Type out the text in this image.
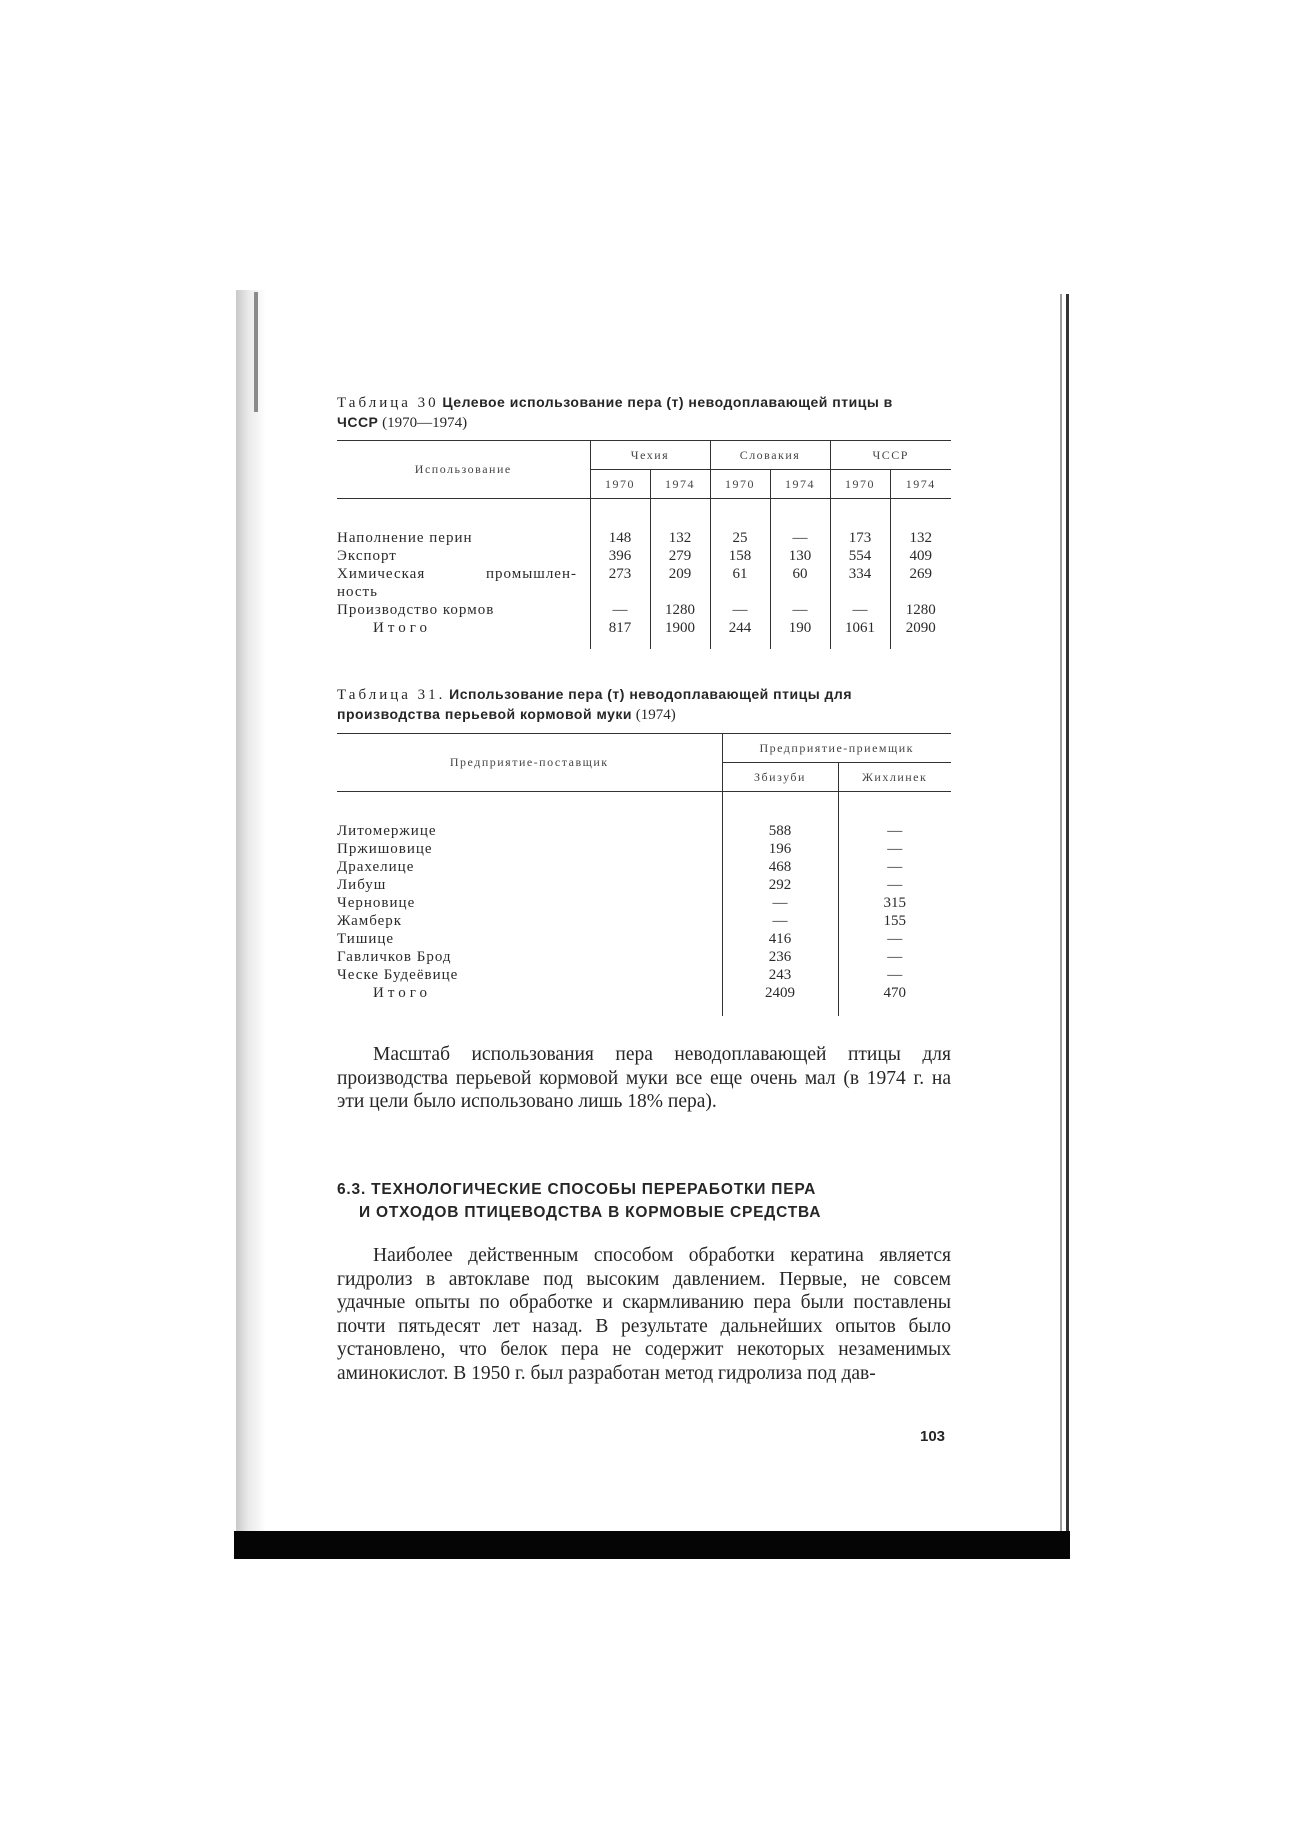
Таблица 30 Целевое использование пера (т) неводоплавающей птицы в ЧССР (1970—1974)
Использование	Чехия		Словакия		ЧССР	
	1970	1974	1970	1974	1970	1974

Наполнение перин	148	132	25	—	173	132
Экспорт	396	279	158	130	554	409

Химическая промышлен-
ность	273	209	61	60	334	269
Производство кормов	—	1280	—	—	—	1280
Итого	817	1900	244	190	1061	2090

Таблица 31. Использование пера (т) неводоплавающей птицы для производства перьевой кормовой муки (1974)
Предприятие-поставщик	Предприятие-приемщик	
	Збизуби	Жихлинек

Литомержице	588	—
Пржишовице	196	—
Драхелице	468	—
Либуш	292	—
Черновице	—	315
Жамберк	—	155
Тишице	416	—
Гавличков Брод	236	—
Ческе Будеёвице	243	—
Итого	2409	470

Масштаб использования пера неводоплавающей птицы для производства перьевой кормовой муки все еще очень мал (в 1974 г. на эти цели было использовано лишь 18% пера).
6.3. ТЕХНОЛОГИЧЕСКИЕ СПОСОБЫ ПЕРЕРАБОТКИ ПЕРА
И ОТХОДОВ ПТИЦЕВОДСТВА В КОРМОВЫЕ СРЕДСТВА
Наиболее действенным способом обработки кератина является гидролиз в автоклаве под высоким давлением. Первые, не совсем удачные опыты по обработке и скармливанию пера были поставлены почти пятьдесят лет назад. В результате дальнейших опытов было установлено, что белок пера не содержит некоторых незаменимых аминокислот. В 1950 г. был разработан метод гидролиза под дав-
103
